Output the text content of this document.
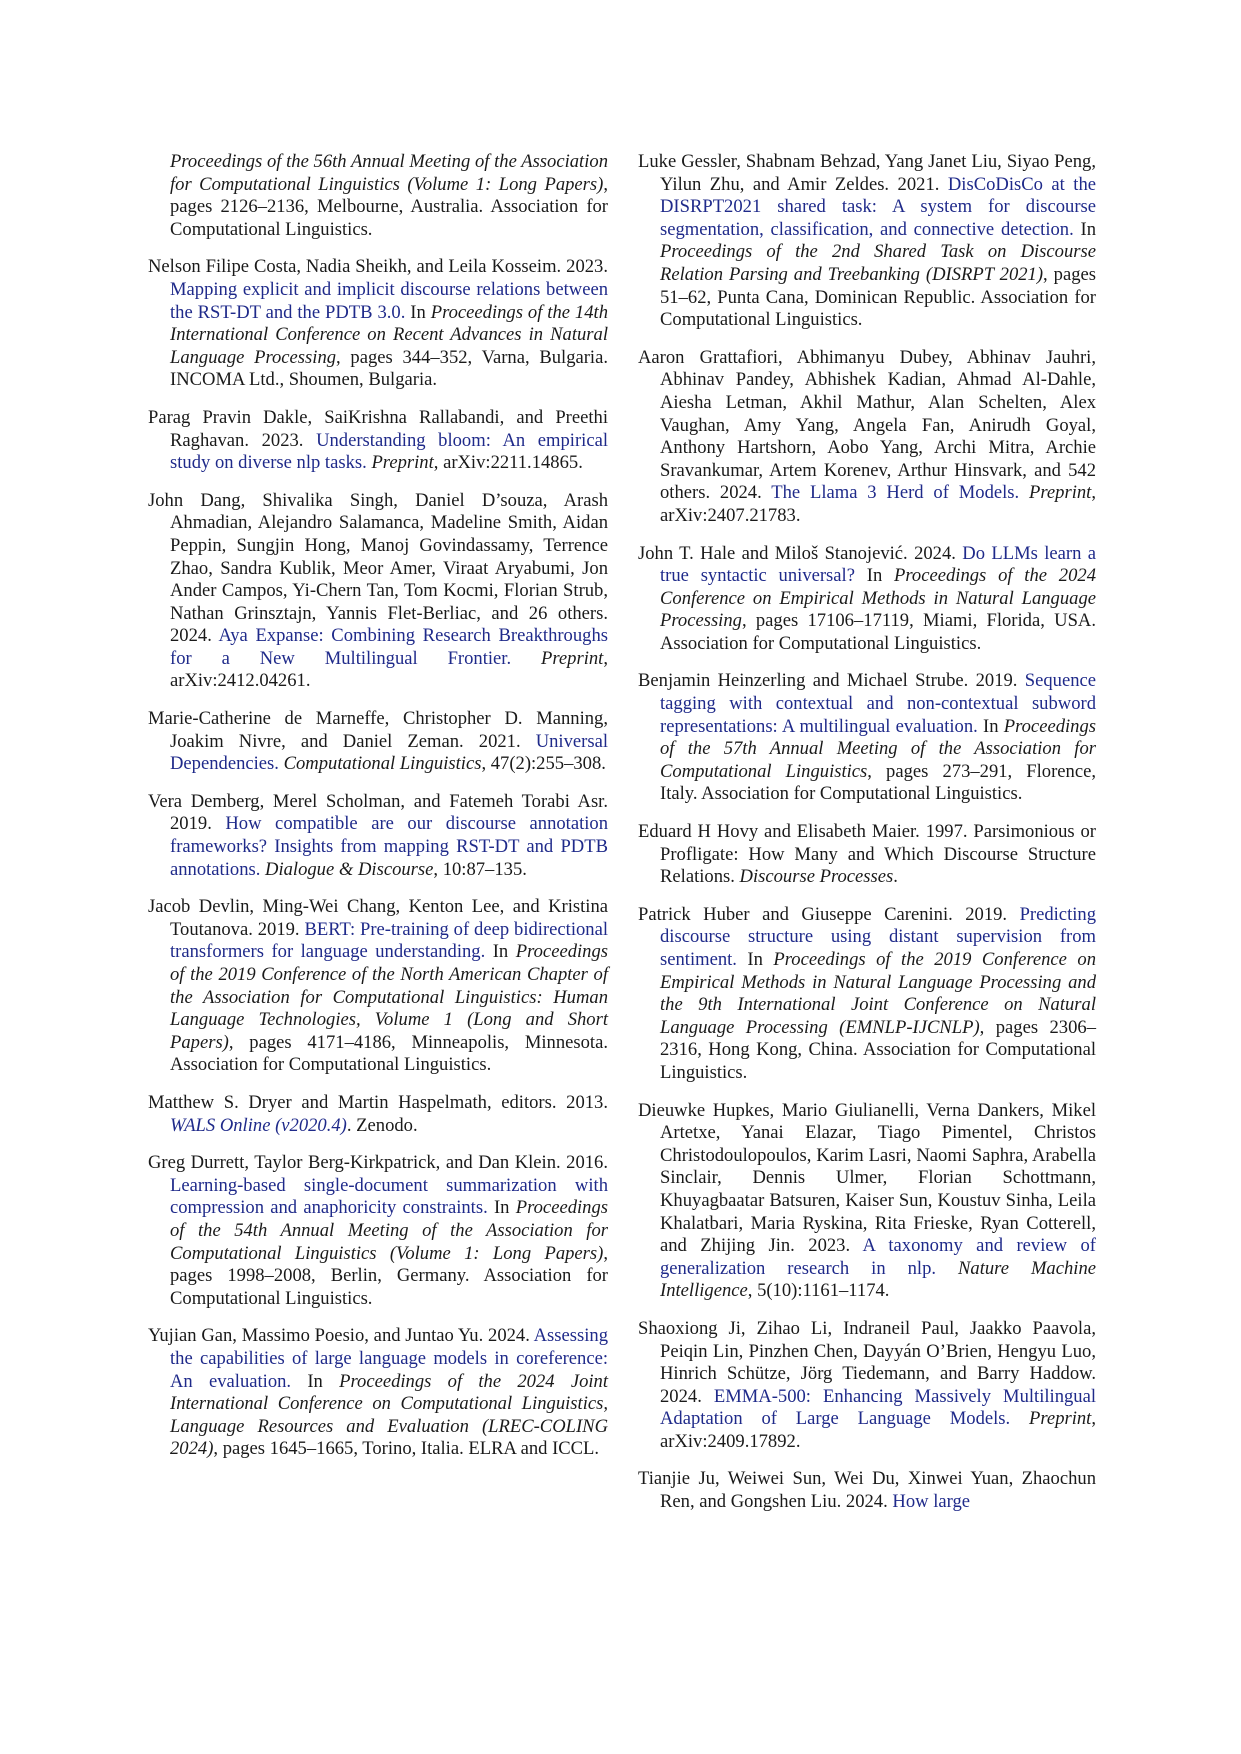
Proceedings of the 56th Annual Meeting of the Association for Computational Linguistics (Volume 1: Long Papers), pages 2126–2136, Melbourne, Australia. Association for Computational Linguistics.

Nelson Filipe Costa, Nadia Sheikh, and Leila Kosseim. 2023. Mapping explicit and implicit discourse relations between the RST-DT and the PDTB 3.0. In Proceedings of the 14th International Conference on Recent Advances in Natural Language Processing, pages 344–352, Varna, Bulgaria. INCOMA Ltd., Shoumen, Bulgaria.

Parag Pravin Dakle, SaiKrishna Rallabandi, and Preethi Raghavan. 2023. Understanding bloom: An empirical study on diverse nlp tasks. Preprint, arXiv:2211.14865.

John Dang, Shivalika Singh, Daniel D’souza, Arash Ahmadian, Alejandro Salamanca, Madeline Smith, Aidan Peppin, Sungjin Hong, Manoj Govindassamy, Terrence Zhao, Sandra Kublik, Meor Amer, Viraat Aryabumi, Jon Ander Campos, Yi-Chern Tan, Tom Kocmi, Florian Strub, Nathan Grinsztajn, Yannis Flet-Berliac, and 26 others. 2024. Aya Expanse: Combining Research Breakthroughs for a New Multilingual Frontier. Preprint, arXiv:2412.04261.

Marie-Catherine de Marneffe, Christopher D. Manning, Joakim Nivre, and Daniel Zeman. 2021. Universal Dependencies. Computational Linguistics, 47(2):255–308.

Vera Demberg, Merel Scholman, and Fatemeh Torabi Asr. 2019. How compatible are our discourse annotation frameworks? Insights from mapping RST-DT and PDTB annotations. Dialogue & Discourse, 10:87–135.

Jacob Devlin, Ming-Wei Chang, Kenton Lee, and Kristina Toutanova. 2019. BERT: Pre-training of deep bidirectional transformers for language understanding. In Proceedings of the 2019 Conference of the North American Chapter of the Association for Computational Linguistics: Human Language Technologies, Volume 1 (Long and Short Papers), pages 4171–4186, Minneapolis, Minnesota. Association for Computational Linguistics.

Matthew S. Dryer and Martin Haspelmath, editors. 2013. WALS Online (v2020.4). Zenodo.

Greg Durrett, Taylor Berg-Kirkpatrick, and Dan Klein. 2016. Learning-based single-document summarization with compression and anaphoricity constraints. In Proceedings of the 54th Annual Meeting of the Association for Computational Linguistics (Volume 1: Long Papers), pages 1998–2008, Berlin, Germany. Association for Computational Linguistics.

Yujian Gan, Massimo Poesio, and Juntao Yu. 2024. Assessing the capabilities of large language models in coreference: An evaluation. In Proceedings of the 2024 Joint International Conference on Computational Linguistics, Language Resources and Evaluation (LREC-COLING 2024), pages 1645–1665, Torino, Italia. ELRA and ICCL.

Luke Gessler, Shabnam Behzad, Yang Janet Liu, Siyao Peng, Yilun Zhu, and Amir Zeldes. 2021. DisCoDisCo at the DISRPT2021 shared task: A system for discourse segmentation, classification, and connective detection. In Proceedings of the 2nd Shared Task on Discourse Relation Parsing and Treebanking (DISRPT 2021), pages 51–62, Punta Cana, Dominican Republic. Association for Computational Linguistics.

Aaron Grattafiori, Abhimanyu Dubey, Abhinav Jauhri, Abhinav Pandey, Abhishek Kadian, Ahmad Al-Dahle, Aiesha Letman, Akhil Mathur, Alan Schelten, Alex Vaughan, Amy Yang, Angela Fan, Anirudh Goyal, Anthony Hartshorn, Aobo Yang, Archi Mitra, Archie Sravankumar, Artem Korenev, Arthur Hinsvark, and 542 others. 2024. The Llama 3 Herd of Models. Preprint, arXiv:2407.21783.

John T. Hale and Miloš Stanojević. 2024. Do LLMs learn a true syntactic universal? In Proceedings of the 2024 Conference on Empirical Methods in Natural Language Processing, pages 17106–17119, Miami, Florida, USA. Association for Computational Linguistics.

Benjamin Heinzerling and Michael Strube. 2019. Sequence tagging with contextual and non-contextual subword representations: A multilingual evaluation. In Proceedings of the 57th Annual Meeting of the Association for Computational Linguistics, pages 273–291, Florence, Italy. Association for Computational Linguistics.

Eduard H Hovy and Elisabeth Maier. 1997. Parsimonious or Profligate: How Many and Which Discourse Structure Relations. Discourse Processes.

Patrick Huber and Giuseppe Carenini. 2019. Predicting discourse structure using distant supervision from sentiment. In Proceedings of the 2019 Conference on Empirical Methods in Natural Language Processing and the 9th International Joint Conference on Natural Language Processing (EMNLP-IJCNLP), pages 2306–2316, Hong Kong, China. Association for Computational Linguistics.

Dieuwke Hupkes, Mario Giulianelli, Verna Dankers, Mikel Artetxe, Yanai Elazar, Tiago Pimentel, Christos Christodoulopoulos, Karim Lasri, Naomi Saphra, Arabella Sinclair, Dennis Ulmer, Florian Schottmann, Khuyagbaatar Batsuren, Kaiser Sun, Koustuv Sinha, Leila Khalatbari, Maria Ryskina, Rita Frieske, Ryan Cotterell, and Zhijing Jin. 2023. A taxonomy and review of generalization research in nlp. Nature Machine Intelligence, 5(10):1161–1174.

Shaoxiong Ji, Zihao Li, Indraneil Paul, Jaakko Paavola, Peiqin Lin, Pinzhen Chen, Dayyán O’Brien, Hengyu Luo, Hinrich Schütze, Jörg Tiedemann, and Barry Haddow. 2024. EMMA-500: Enhancing Massively Multilingual Adaptation of Large Language Models. Preprint, arXiv:2409.17892.

Tianjie Ju, Weiwei Sun, Wei Du, Xinwei Yuan, Zhaochun Ren, and Gongshen Liu. 2024. How large
